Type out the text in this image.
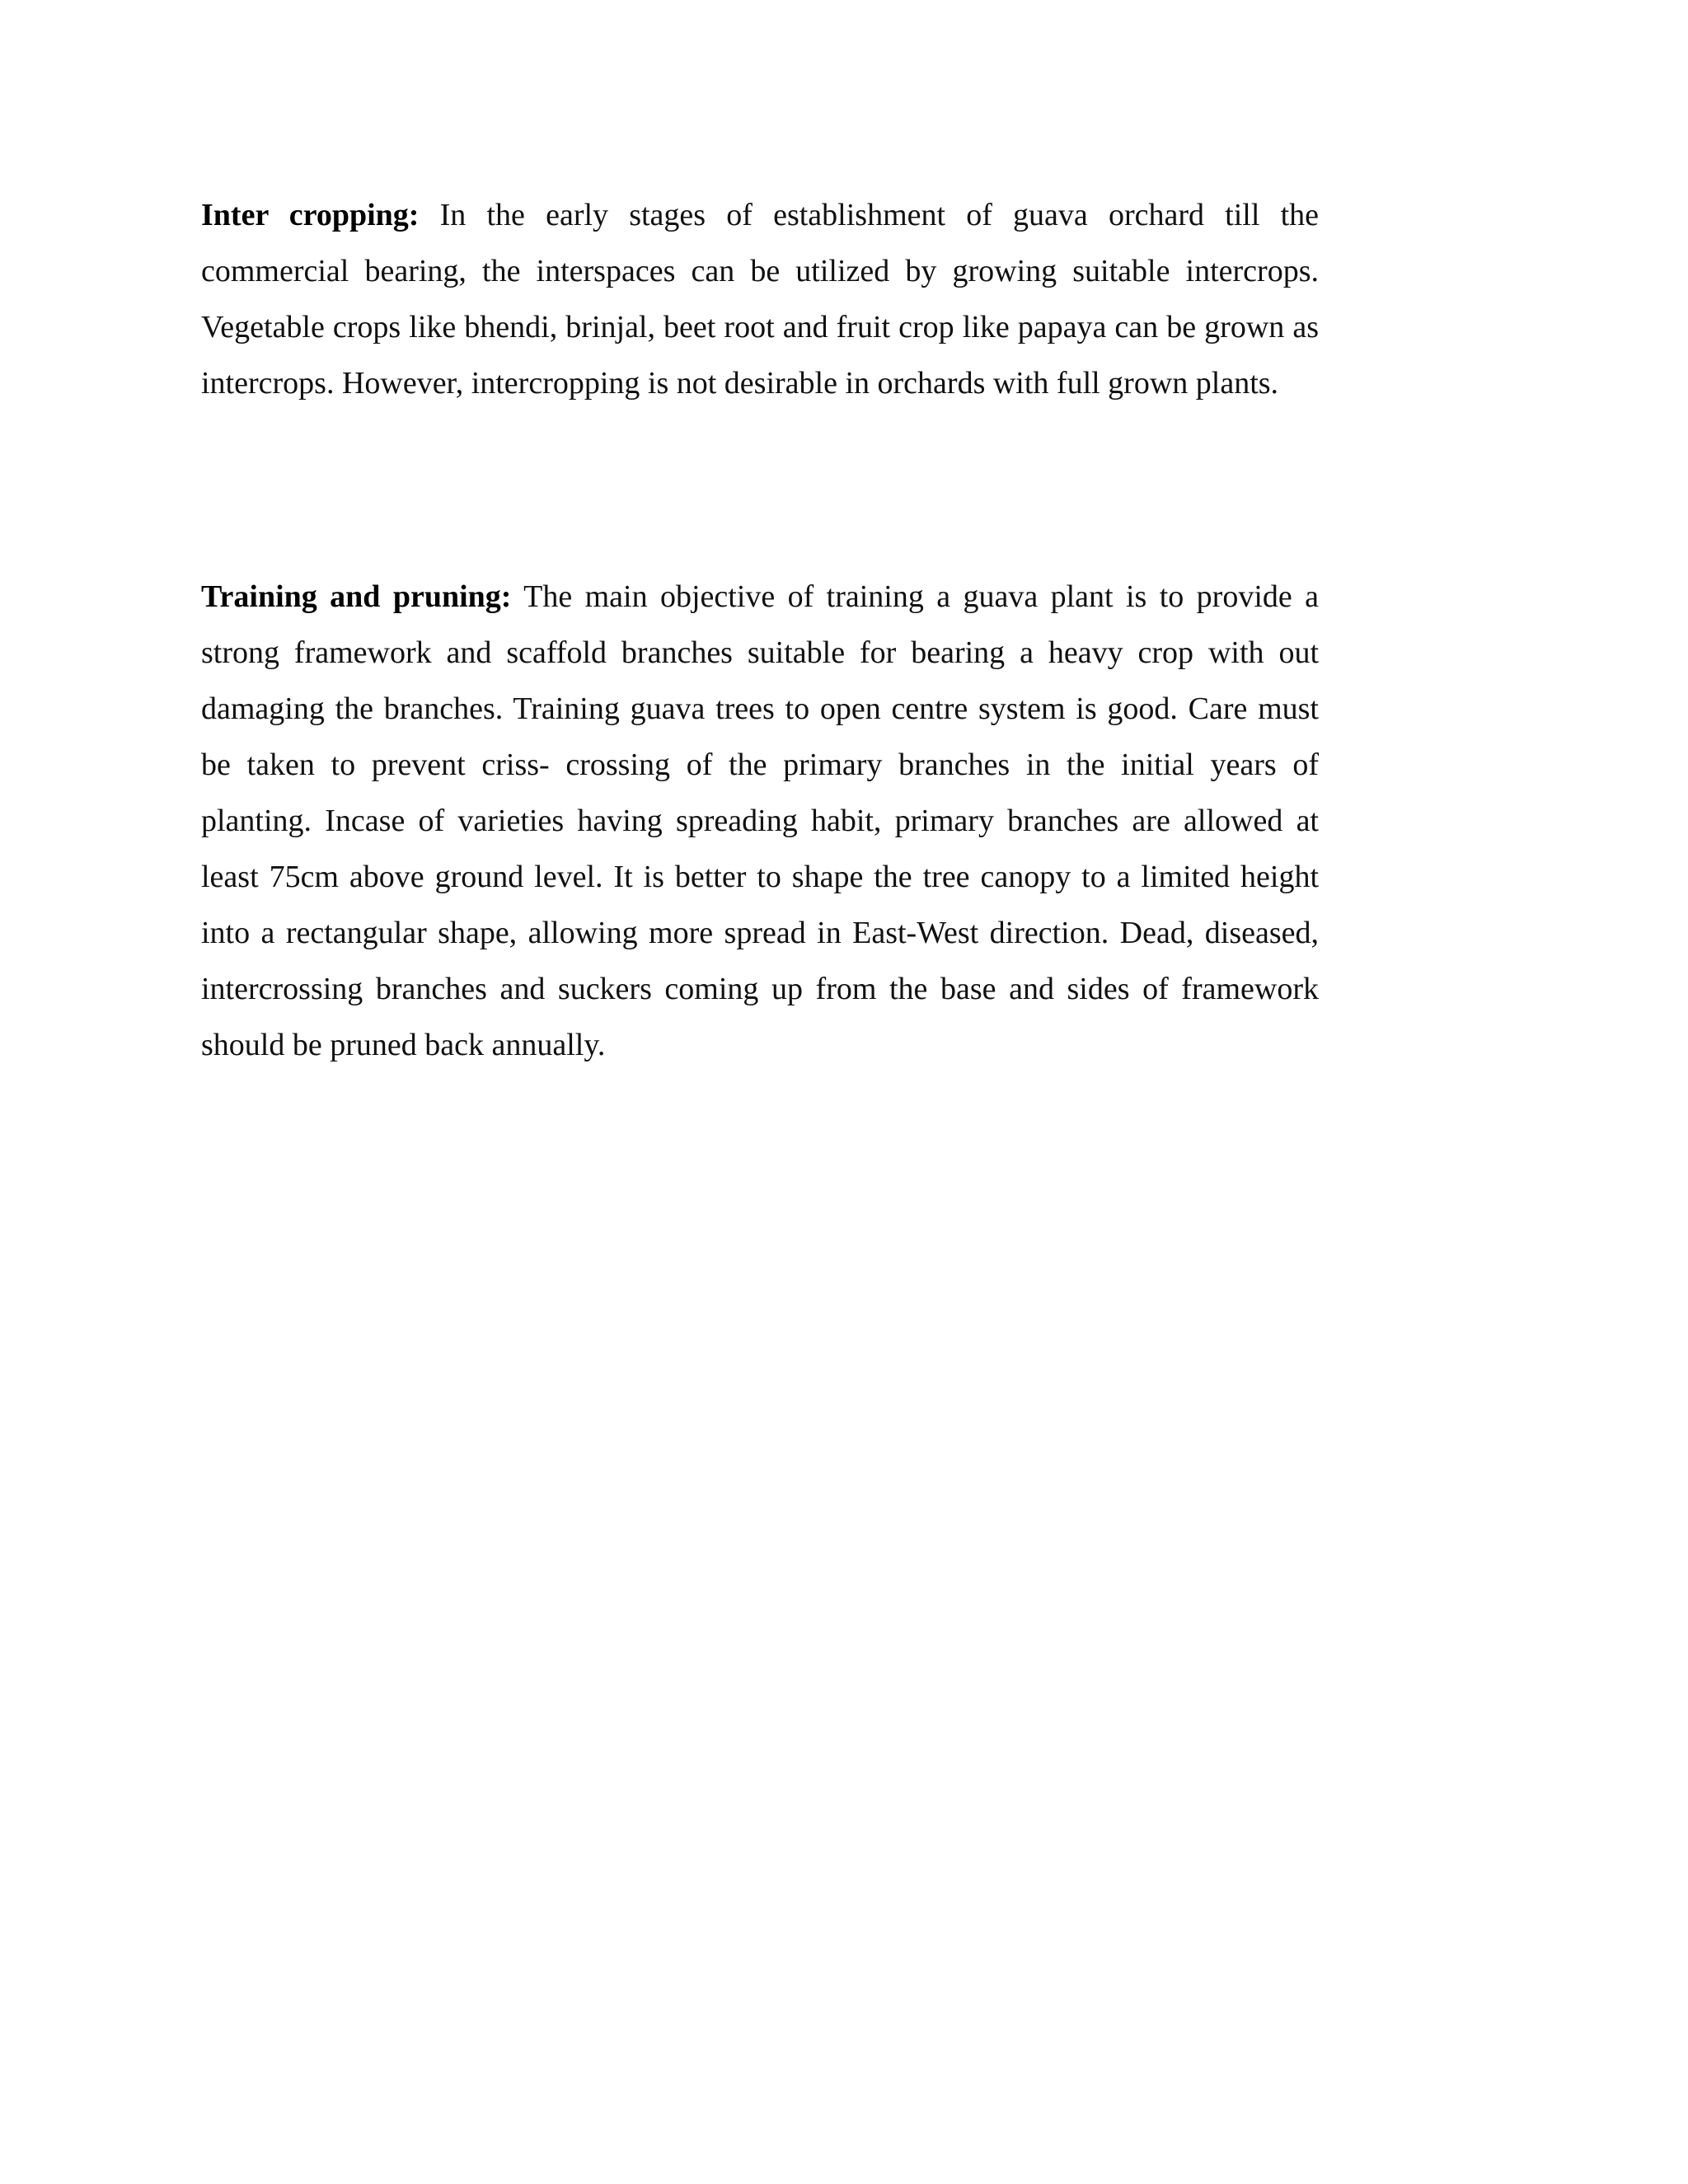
Inter cropping: In the early stages of establishment of guava orchard till the commercial bearing, the interspaces can be utilized by growing suitable intercrops. Vegetable crops like bhendi, brinjal, beet root and fruit crop like papaya can be grown as intercrops. However, intercropping is not desirable in orchards with full grown plants.

Training and pruning: The main objective of training a guava plant is to provide a strong framework and scaffold branches suitable for bearing a heavy crop with out damaging the branches. Training guava trees to open centre system is good. Care must be taken to prevent criss- crossing of the primary branches in the initial years of planting. Incase of varieties having spreading habit, primary branches are allowed at least 75cm above ground level. It is better to shape the tree canopy to a limited height into a rectangular shape, allowing more spread in East-West direction. Dead, diseased, intercrossing branches and suckers coming up from the base and sides of framework should be pruned back annually.
